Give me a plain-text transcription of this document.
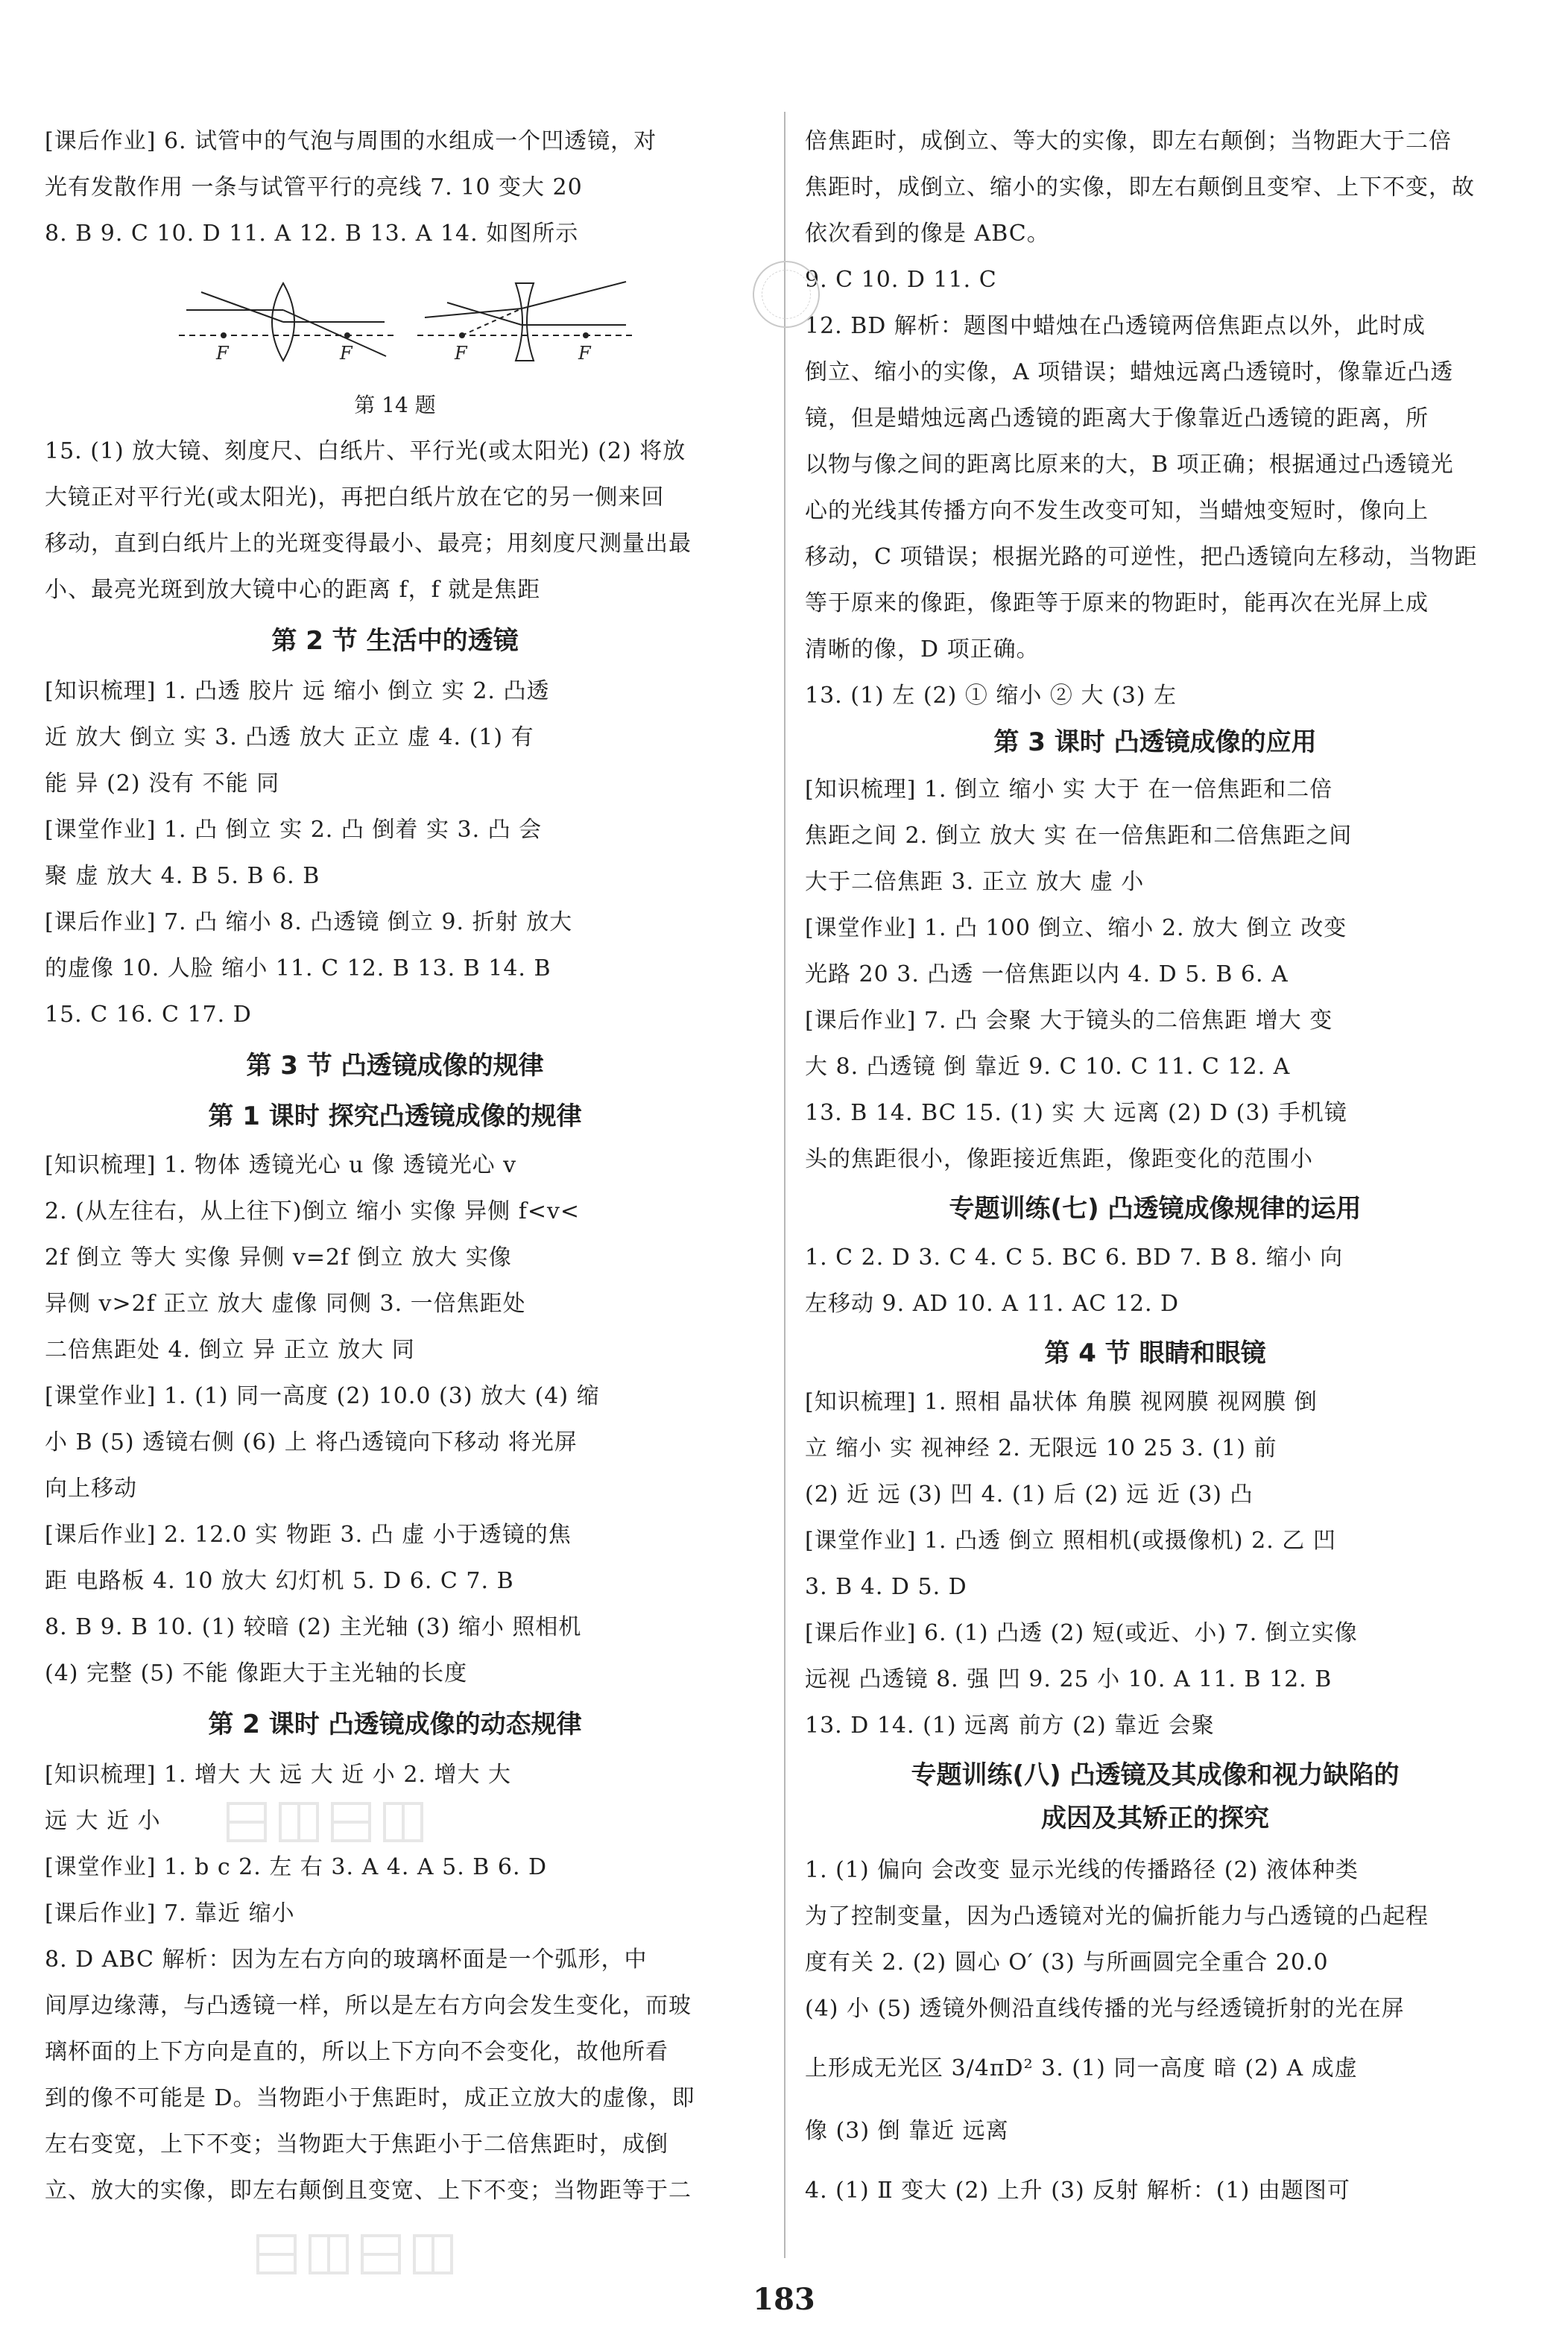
[课后作业] 6. 试管中的气泡与周围的水组成一个凹透镜，对
光有发散作用 一条与试管平行的亮线 7. 10 变大 20
8. B 9. C 10. D 11. A 12. B 13. A 14. 如图所示
F	F	F	F
第 14 题
15. (1) 放大镜、刻度尺、白纸片、平行光(或太阳光) (2) 将放
大镜正对平行光(或太阳光)，再把白纸片放在它的另一侧来回
移动，直到白纸片上的光斑变得最小、最亮；用刻度尺测量出最
小、最亮光斑到放大镜中心的距离 f，f 就是焦距
第 2 节 生活中的透镜
[知识梳理] 1. 凸透 胶片 远 缩小 倒立 实 2. 凸透
近 放大 倒立 实 3. 凸透 放大 正立 虚 4. (1) 有
能 异 (2) 没有 不能 同
[课堂作业] 1. 凸 倒立 实 2. 凸 倒着 实 3. 凸 会
聚 虚 放大 4. B 5. B 6. B
[课后作业] 7. 凸 缩小 8. 凸透镜 倒立 9. 折射 放大
的虚像 10. 人脸 缩小 11. C 12. B 13. B 14. B
15. C 16. C 17. D
第 3 节 凸透镜成像的规律
第 1 课时 探究凸透镜成像的规律
[知识梳理] 1. 物体 透镜光心 u 像 透镜光心 v
2. (从左往右，从上往下)倒立 缩小 实像 异侧 f<v<
2f 倒立 等大 实像 异侧 v=2f 倒立 放大 实像
异侧 v>2f 正立 放大 虚像 同侧 3. 一倍焦距处
二倍焦距处 4. 倒立 异 正立 放大 同
[课堂作业] 1. (1) 同一高度 (2) 10.0 (3) 放大 (4) 缩
小 B (5) 透镜右侧 (6) 上 将凸透镜向下移动 将光屏
向上移动
[课后作业] 2. 12.0 实 物距 3. 凸 虚 小于透镜的焦
距 电路板 4. 10 放大 幻灯机 5. D 6. C 7. B
8. B 9. B 10. (1) 较暗 (2) 主光轴 (3) 缩小 照相机
(4) 完整 (5) 不能 像距大于主光轴的长度
第 2 课时 凸透镜成像的动态规律
[知识梳理] 1. 增大 大 远 大 近 小 2. 增大 大
远 大 近 小
[课堂作业] 1. b c 2. 左 右 3. A 4. A 5. B 6. D
[课后作业] 7. 靠近 缩小
8. D ABC 解析：因为左右方向的玻璃杯面是一个弧形，中
间厚边缘薄，与凸透镜一样，所以是左右方向会发生变化，而玻
璃杯面的上下方向是直的，所以上下方向不会变化，故他所看
到的像不可能是 D。当物距小于焦距时，成正立放大的虚像，即
左右变宽，上下不变；当物距大于焦距小于二倍焦距时，成倒
立、放大的实像，即左右颠倒且变宽、上下不变；当物距等于二
倍焦距时，成倒立、等大的实像，即左右颠倒；当物距大于二倍
焦距时，成倒立、缩小的实像，即左右颠倒且变窄、上下不变，故
依次看到的像是 ABC。
9. C 10. D 11. C
12. BD 解析：题图中蜡烛在凸透镜两倍焦距点以外，此时成
倒立、缩小的实像，A 项错误；蜡烛远离凸透镜时，像靠近凸透
镜，但是蜡烛远离凸透镜的距离大于像靠近凸透镜的距离，所
以物与像之间的距离比原来的大，B 项正确；根据通过凸透镜光
心的光线其传播方向不发生改变可知，当蜡烛变短时，像向上
移动，C 项错误；根据光路的可逆性，把凸透镜向左移动，当物距
等于原来的像距，像距等于原来的物距时，能再次在光屏上成
清晰的像，D 项正确。
13. (1) 左 (2) ① 缩小 ② 大 (3) 左
第 3 课时 凸透镜成像的应用
[知识梳理] 1. 倒立 缩小 实 大于 在一倍焦距和二倍
焦距之间 2. 倒立 放大 实 在一倍焦距和二倍焦距之间
大于二倍焦距 3. 正立 放大 虚 小
[课堂作业] 1. 凸 100 倒立、缩小 2. 放大 倒立 改变
光路 20 3. 凸透 一倍焦距以内 4. D 5. B 6. A
[课后作业] 7. 凸 会聚 大于镜头的二倍焦距 增大 变
大 8. 凸透镜 倒 靠近 9. C 10. C 11. C 12. A
13. B 14. BC 15. (1) 实 大 远离 (2) D (3) 手机镜
头的焦距很小，像距接近焦距，像距变化的范围小
专题训练(七) 凸透镜成像规律的运用
1. C 2. D 3. C 4. C 5. BC 6. BD 7. B 8. 缩小 向
左移动 9. AD 10. A 11. AC 12. D
第 4 节 眼睛和眼镜
[知识梳理] 1. 照相 晶状体 角膜 视网膜 视网膜 倒
立 缩小 实 视神经 2. 无限远 10 25 3. (1) 前
(2) 近 远 (3) 凹 4. (1) 后 (2) 远 近 (3) 凸
[课堂作业] 1. 凸透 倒立 照相机(或摄像机) 2. 乙 凹
3. B 4. D 5. D
[课后作业] 6. (1) 凸透 (2) 短(或近、小) 7. 倒立实像
远视 凸透镜 8. 强 凹 9. 25 小 10. A 11. B 12. B
13. D 14. (1) 远离 前方 (2) 靠近 会聚
专题训练(八) 凸透镜及其成像和视力缺陷的
成因及其矫正的探究
1. (1) 偏向 会改变 显示光线的传播路径 (2) 液体种类
为了控制变量，因为凸透镜对光的偏折能力与凸透镜的凸起程
度有关 2. (2) 圆心 O′ (3) 与所画圆完全重合 20.0
(4) 小 (5) 透镜外侧沿直线传播的光与经透镜折射的光在屏
上形成无光区 3/4πD² 3. (1) 同一高度 暗 (2) A 成虚
像 (3) 倒 靠近 远离
4. (1) Ⅱ 变大 (2) 上升 (3) 反射 解析：(1) 由题图可
183
